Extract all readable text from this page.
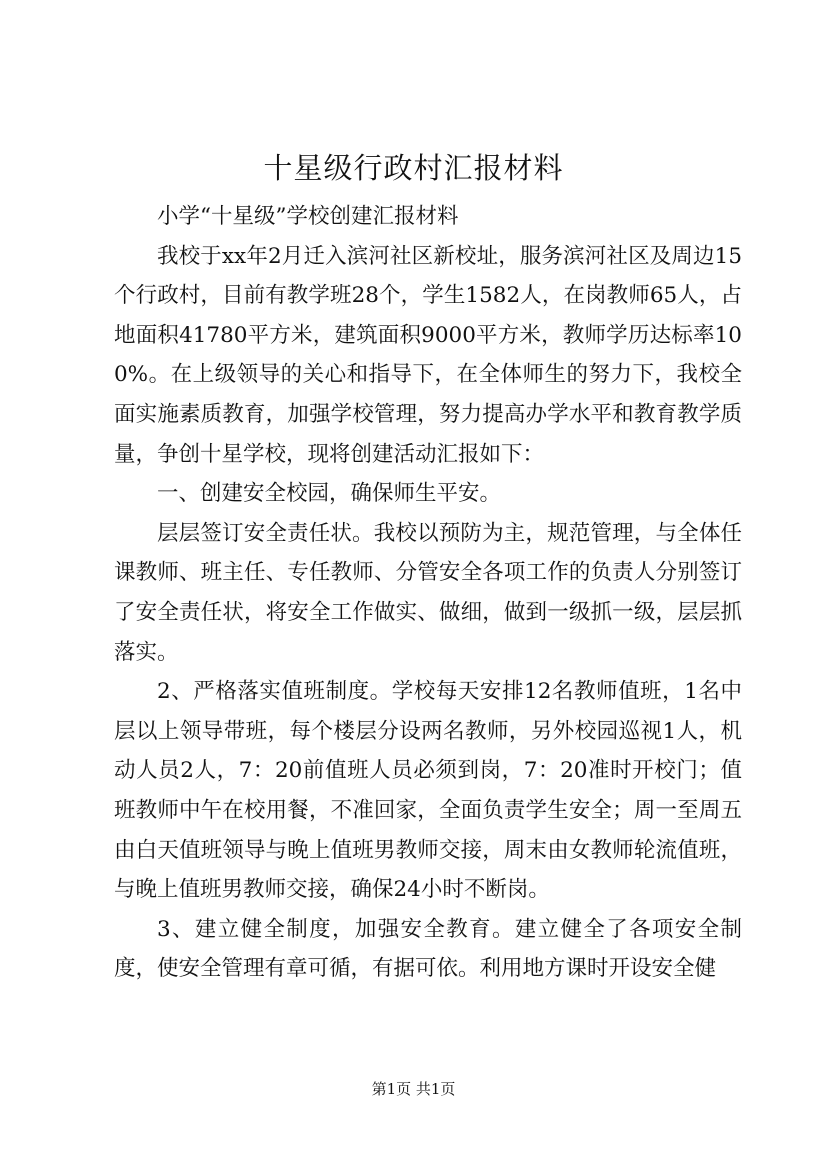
十星级行政村汇报材料

小学“十星级”学校创建汇报材料

我校于xx年2月迁入滨河社区新校址，服务滨河社区及周边15个行政村，目前有教学班28个，学生1582人，在岗教师65人，占地面积41780平方米，建筑面积9000平方米，教师学历达标率100%。在上级领导的关心和指导下，在全体师生的努力下，我校全面实施素质教育，加强学校管理，努力提高办学水平和教育教学质量，争创十星学校，现将创建活动汇报如下：

一、创建安全校园，确保师生平安。

层层签订安全责任状。我校以预防为主，规范管理，与全体任课教师、班主任、专任教师、分管安全各项工作的负责人分别签订了安全责任状，将安全工作做实、做细，做到一级抓一级，层层抓落实。

2、严格落实值班制度。学校每天安排12名教师值班，1名中层以上领导带班，每个楼层分设两名教师，另外校园巡视1人，机动人员2人，7：20前值班人员必须到岗，7：20准时开校门；值班教师中午在校用餐，不准回家，全面负责学生安全；周一至周五由白天值班领导与晚上值班男教师交接，周末由女教师轮流值班，与晚上值班男教师交接，确保24小时不断岗。

3、建立健全制度，加强安全教育。建立健全了各项安全制度，使安全管理有章可循，有据可依。利用地方课时开设安全健

第1页 共1页
